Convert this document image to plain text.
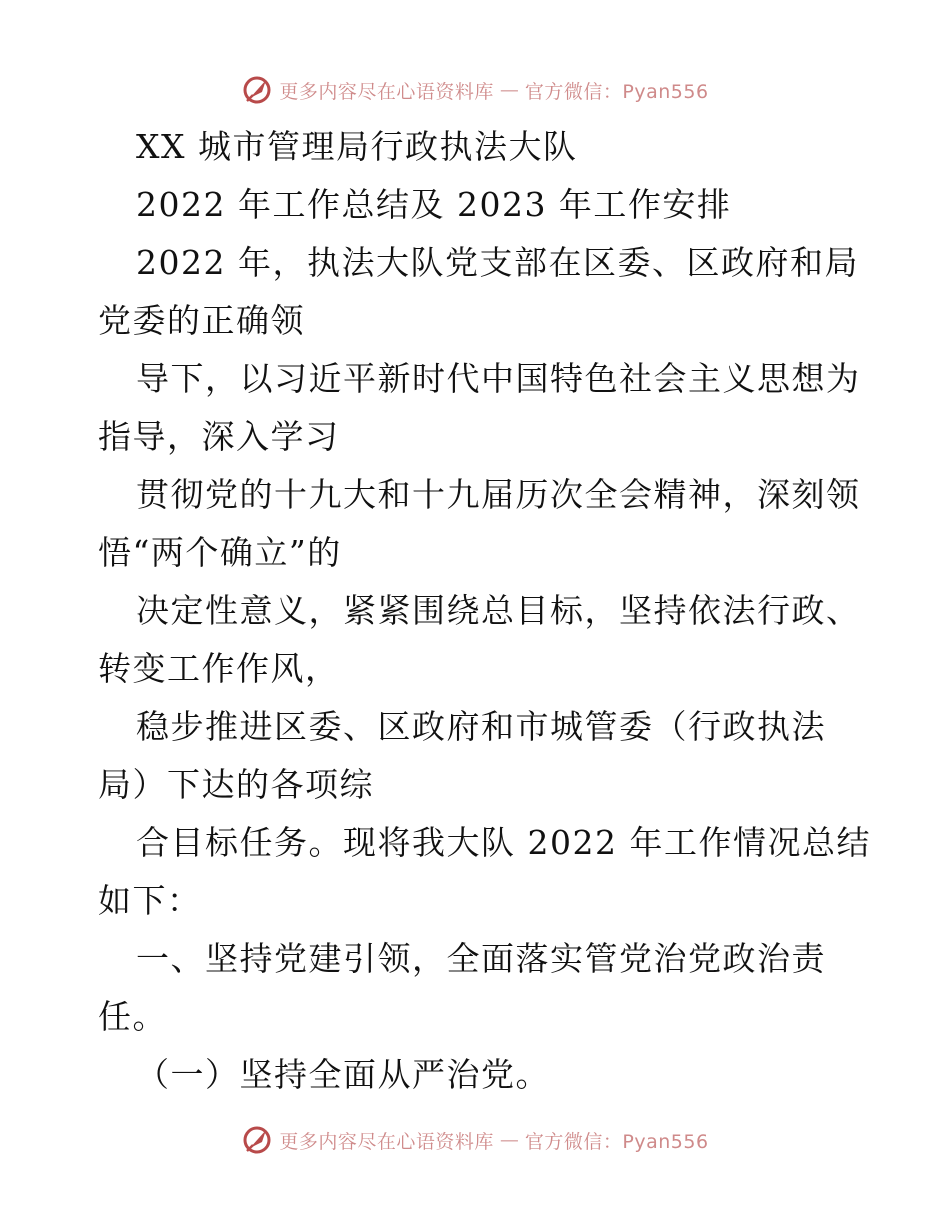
更多内容尽在心语资料库 — 官方微信：Pyan556
XX 城市管理局行政执法大队
2022 年工作总结及 2023 年工作安排
2022 年，执法大队党支部在区委、区政府和局
党委的正确领
导下，以习近平新时代中国特色社会主义思想为
指导，深入学习
贯彻党的十九大和十九届历次全会精神，深刻领
悟“两个确立”的
决定性意义，紧紧围绕总目标，坚持依法行政、
转变工作作风，
稳步推进区委、区政府和市城管委（行政执法
局）下达的各项综
合目标任务。现将我大队 2022 年工作情况总结
如下：
一、坚持党建引领，全面落实管党治党政治责
任。
（一）坚持全面从严治党。
更多内容尽在心语资料库 — 官方微信：Pyan556
